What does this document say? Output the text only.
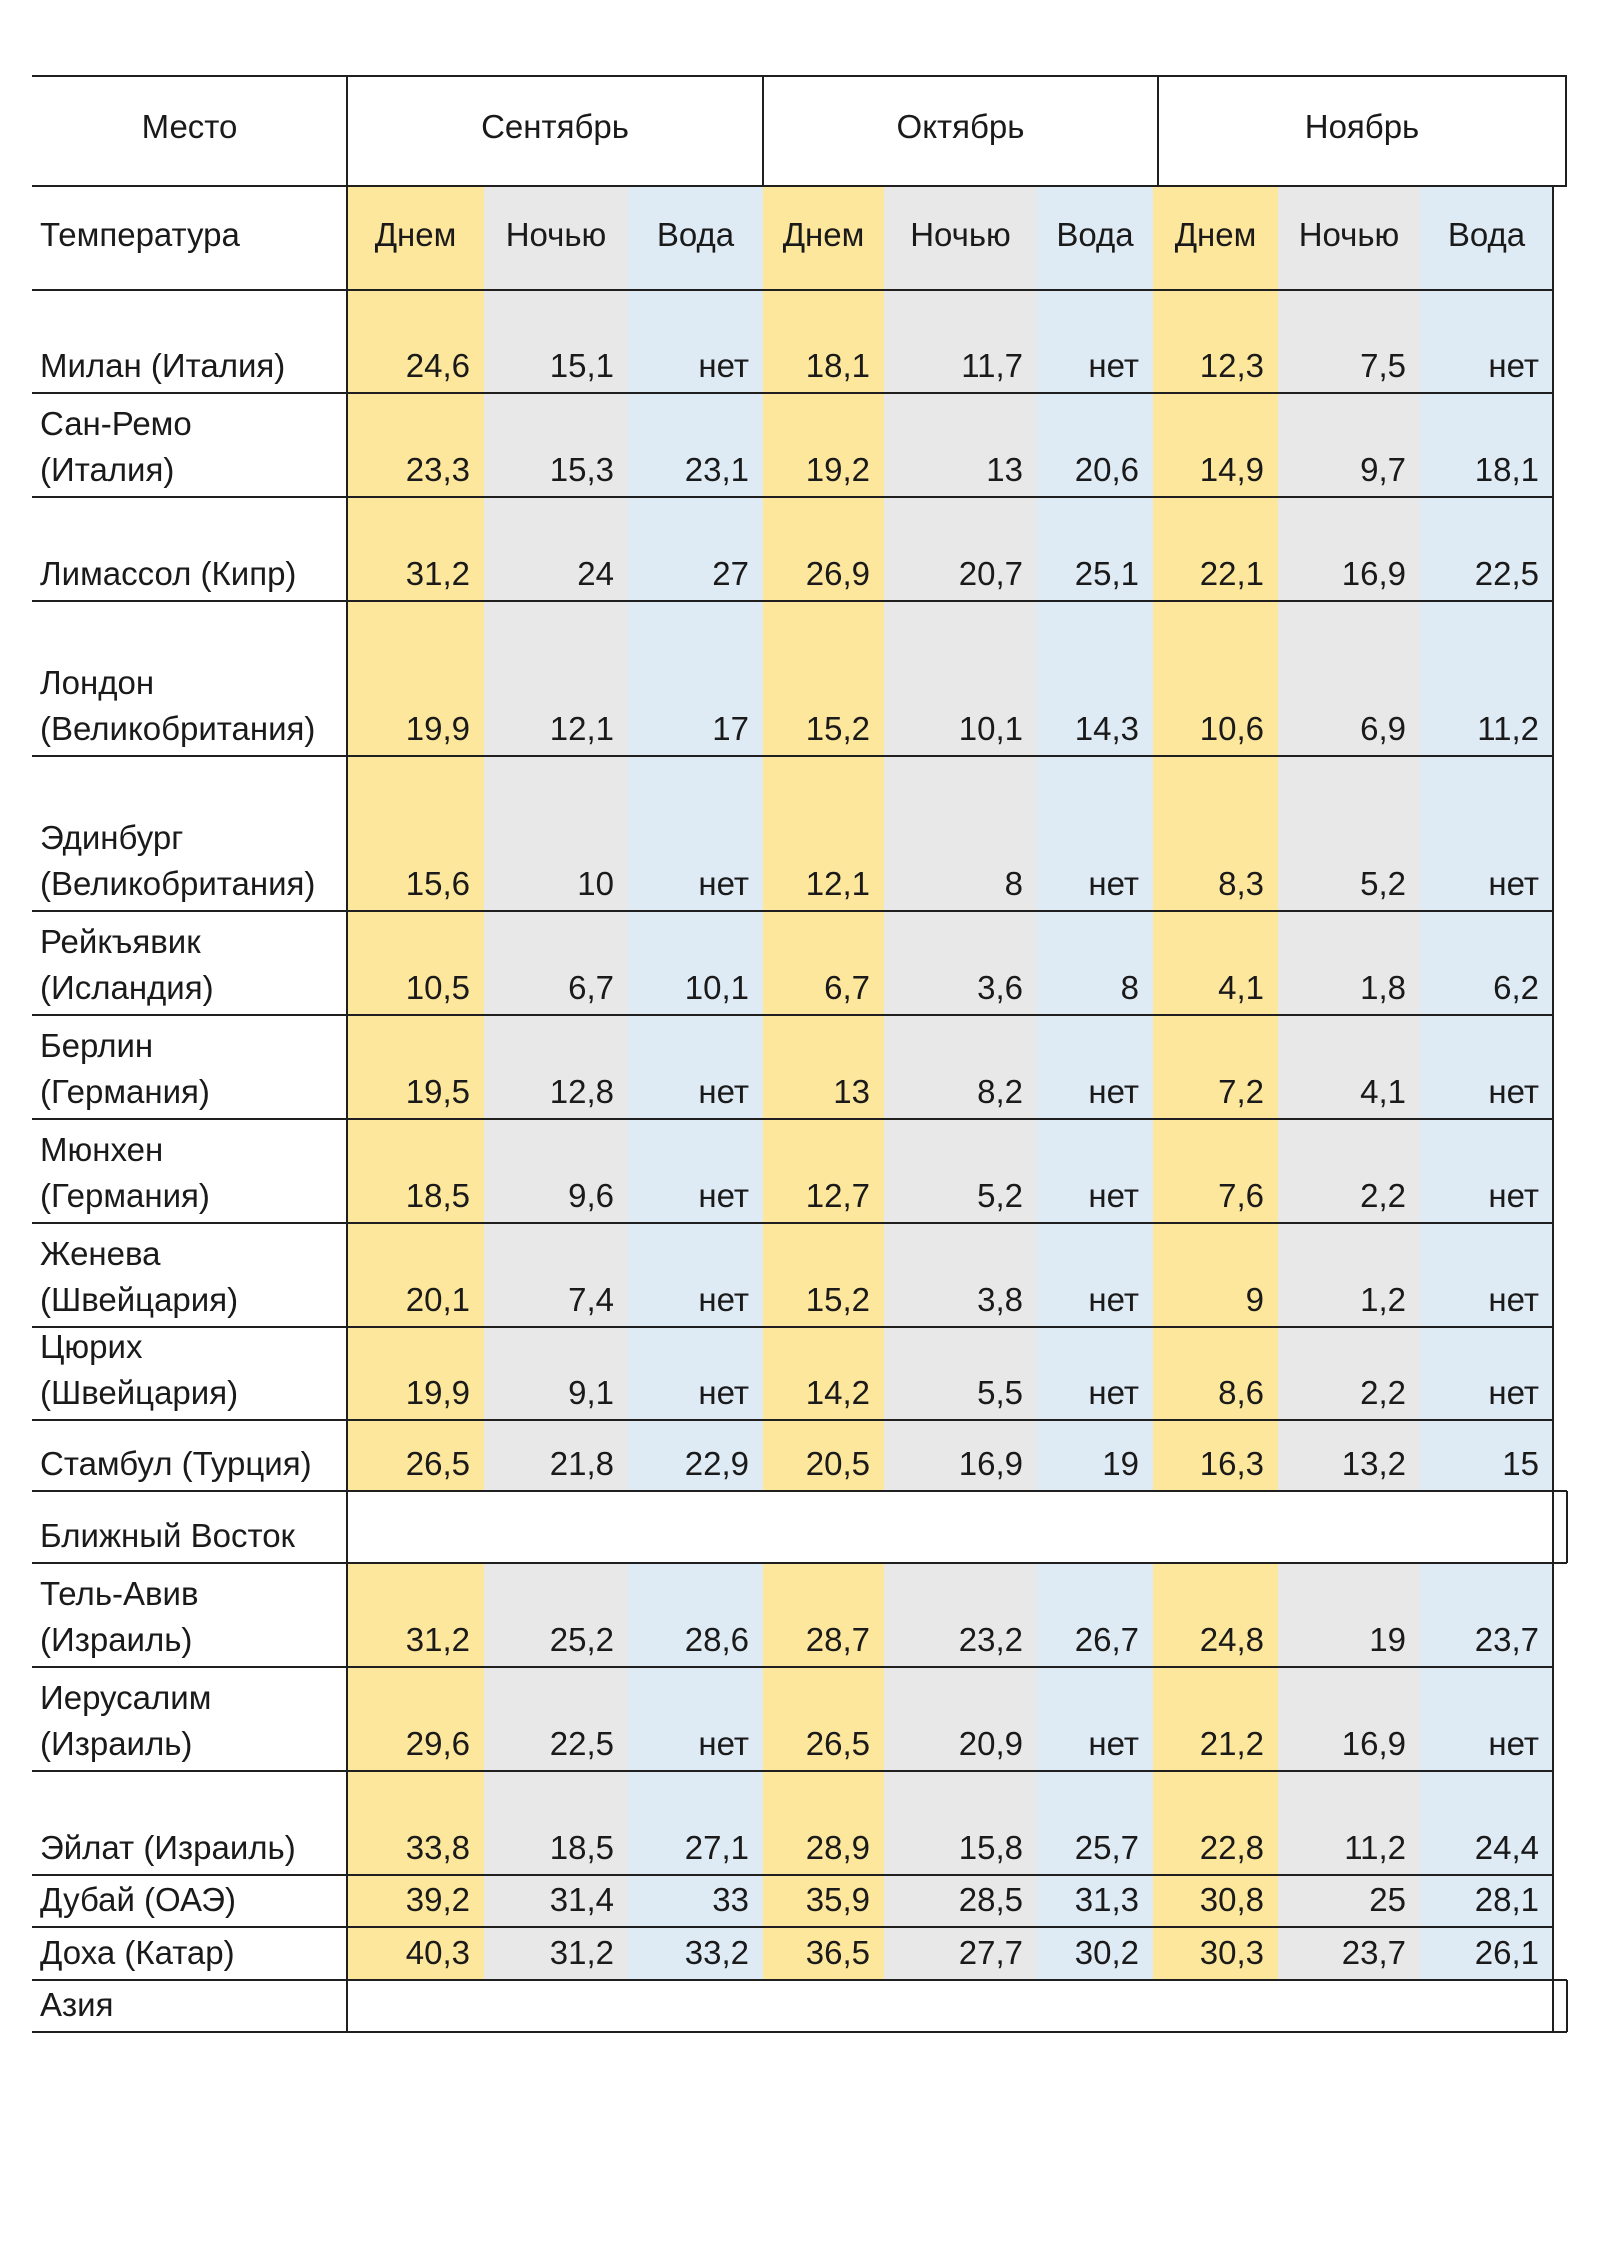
Место	Сентябрь	Октябрь	Ноябрь
Температура	Днем	Ночью	Вода	Днем	Ночью	Вода	Днем	Ночью	Вода
Милан (Италия)	24,6	15,1	нет	18,1	11,7	нет	12,3	7,5	нет
Сан-Ремо
(Италия)	23,3	15,3	23,1	19,2	13	20,6	14,9	9,7	18,1
Лимассол (Кипр)	31,2	24	27	26,9	20,7	25,1	22,1	16,9	22,5
Лондон
(Великобритания)	19,9	12,1	17	15,2	10,1	14,3	10,6	6,9	11,2
Эдинбург
(Великобритания)	15,6	10	нет	12,1	8	нет	8,3	5,2	нет
Рейкъявик
(Исландия)	10,5	6,7	10,1	6,7	3,6	8	4,1	1,8	6,2
Берлин
(Германия)	19,5	12,8	нет	13	8,2	нет	7,2	4,1	нет
Мюнхен
(Германия)	18,5	9,6	нет	12,7	5,2	нет	7,6	2,2	нет
Женева
(Швейцария)	20,1	7,4	нет	15,2	3,8	нет	9	1,2	нет
Цюрих
(Швейцария)	19,9	9,1	нет	14,2	5,5	нет	8,6	2,2	нет
Стамбул (Турция)	26,5	21,8	22,9	20,5	16,9	19	16,3	13,2	15
Ближный Восток
Тель-Авив
(Израиль)	31,2	25,2	28,6	28,7	23,2	26,7	24,8	19	23,7
Иерусалим
(Израиль)	29,6	22,5	нет	26,5	20,9	нет	21,2	16,9	нет
Эйлат (Израиль)	33,8	18,5	27,1	28,9	15,8	25,7	22,8	11,2	24,4
Дубай (ОАЭ)	39,2	31,4	33	35,9	28,5	31,3	30,8	25	28,1
Доха (Катар)	40,3	31,2	33,2	36,5	27,7	30,2	30,3	23,7	26,1
Азия
